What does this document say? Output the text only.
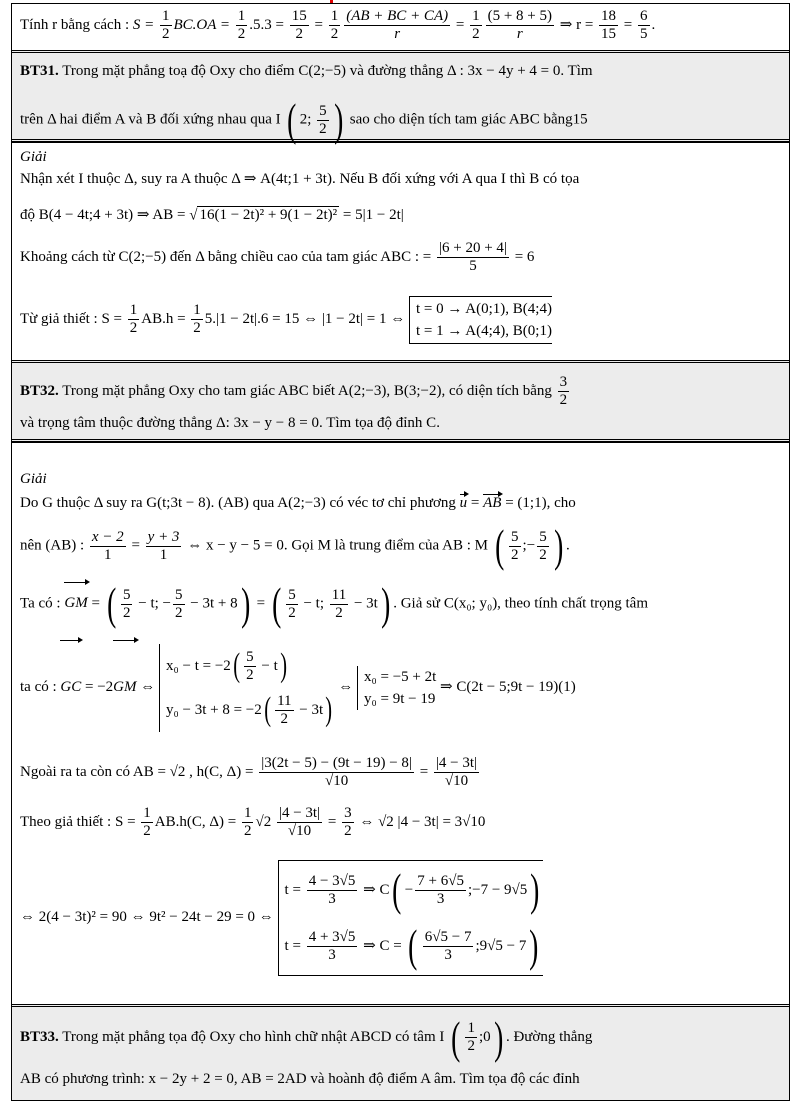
Tính r bằng cách : $S = \frac{1}{2} BC.OA = \frac{1}{2} .5.3 = \frac{15}{2} = \frac{1}{2} \frac{(AB + BC + CA)}{r} = \frac{1}{2} \frac{(5 + 8 + 5)}{r}$ ⇒ $r = \frac{18}{15} = \frac{6}{5}$ .
BT31. Trong mặt phẳng toạ độ Oxy cho điểm C(2;−5) và đường thẳng Δ : 3x − 4y + 4 = 0. Tìm
trên Δ hai điểm A và B đối xứng nhau qua I ( 2; $\frac{5}{2}$ ) sao cho diện tích tam giác ABC bằng15
Giải
Nhận xét I thuộc Δ, suy ra A thuộc Δ ⇒ A(4t;1 + 3t). Nếu B đối xứng với A qua I thì B có tọa
độ B(4 − 4t;4 + 3t) ⇒ AB = √ 16(1 − 2t)² + 9(1 − 2t)² = 5|1 − 2t|
Khoảng cách từ C(2;−5) đến Δ bằng chiều cao của tam giác ABC : = $\frac{|6 + 20 + 4|}{5} = 6$
Từ giả thiết : $S = \frac{1}{2} AB.h = \frac{1}{2} 5.|1 - 2t|.6 = 15$ ⇔ |1 − 2t| = 1 ⇔
t = 0 → A(0;1), B(4;4)
t = 1 → A(4;4), B(0;1)
BT32. Trong mặt phẳng Oxy cho tam giác ABC biết A(2;−3), B(3;−2), có diện tích bằng $\frac{3}{2}$
và trọng tâm thuộc đường thẳng Δ: 3x − y − 8 = 0. Tìm tọa độ đỉnh C.
Giải
Do G thuộc Δ suy ra G(t;3t − 8). (AB) qua A(2;−3) có véc tơ chỉ phương u = AB = (1;1), cho
nên (AB) : $\frac{x - 2}{1} = \frac{y + 3}{1}$ ⇔ x − y − 5 = 0. Gọi M là trung điểm của AB : M ( $\frac{5}{2}$ ;− $\frac{5}{2}$ ) .
Ta có : GM = ( $\frac{5}{2} - t$; − $\frac{5}{2} - 3t + 8$) = ( $\frac{5}{2} - t$; $\frac{11}{2} - 3t$) . Giả sử C(x₀; y₀), theo tính chất trọng tâm
ta có : GC = −2GM ⇔
$x_0 - t = -2( \frac{5}{2} - t)$
$y_0 - 3t + 8 = -2( \frac{11}{2} - 3t)$
⇔
x₀ = −5 + 2t
y₀ = 9t − 19
⇒ C(2t − 5;9t − 19)(1)
Ngoài ra ta còn có AB = √2 , h(C, $\Delta) = \frac{|3(2t - 5) - (9t - 19) - 8|}{√10} = \frac{|4 - 3t|}{√10}$
Theo giả thiết : $S = \frac{1}{2} AB.h(C$, $\Delta) = \frac{1}{2} √2 \frac{|4 - 3t|}{√10} = \frac{3}{2}$ ⇔ √2 |4 − 3t| = 3√10
⇔ 2(4 − 3t)² = 90 ⇔ 9t² − 24t − 29 = 0 ⇔
$t = \frac{4 - 3√5}{3}$ ⇒ $C( - \frac{7 + 6√5}{3}$ ;−7 − 9√5)
$t = \frac{4 + 3√5}{3}$ ⇒ C = ( $\frac{6√5 - 7}{3}$ ;9√5 − 7)
BT33. Trong mặt phẳng tọa độ Oxy cho hình chữ nhật ABCD có tâm I ( $\frac{1}{2}$ ;0) . Đường thẳng
AB có phương trình: x − 2y + 2 = 0, AB = 2AD và hoành độ điểm A âm. Tìm tọa độ các đỉnh
